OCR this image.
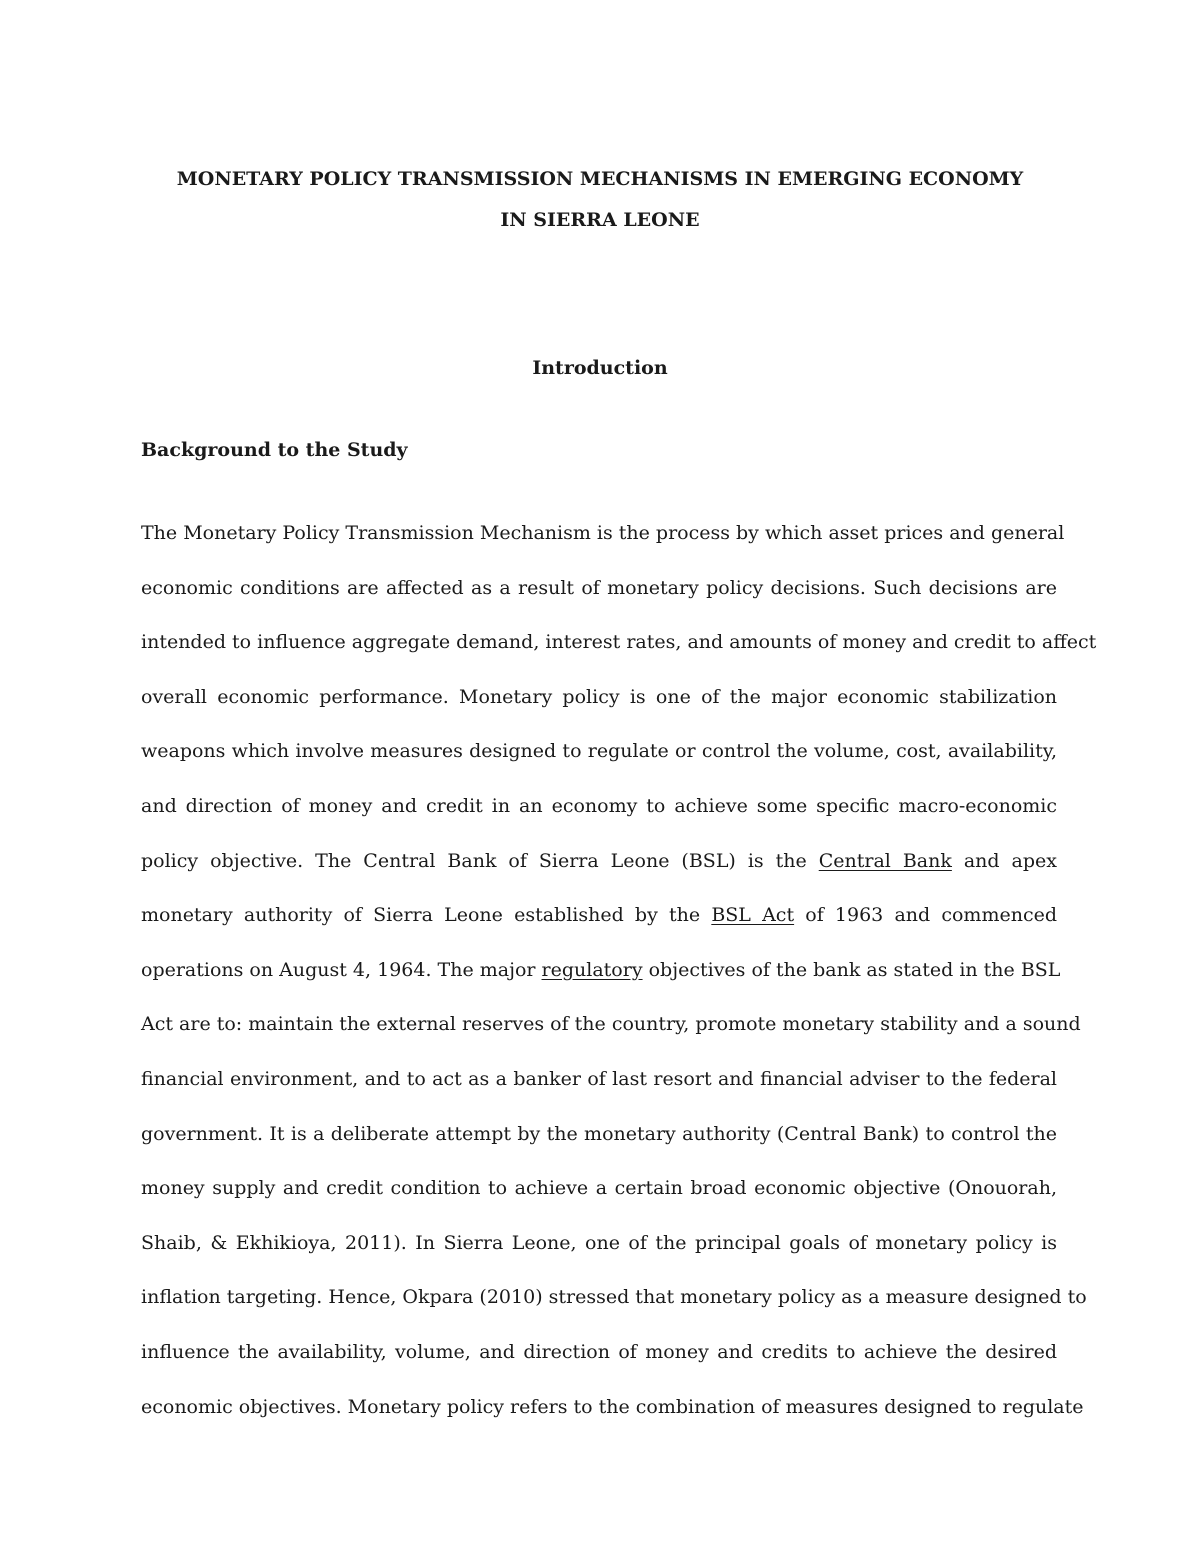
MONETARY POLICY TRANSMISSION MECHANISMS IN EMERGING ECONOMY

IN SIERRA LEONE

Introduction

Background to the Study

The Monetary Policy Transmission Mechanism is the process by which asset prices and general
economic conditions are affected as a result of monetary policy decisions. Such decisions are
intended to influence aggregate demand, interest rates, and amounts of money and credit to affect
overall economic performance. Monetary policy is one of the major economic stabilization
weapons which involve measures designed to regulate or control the volume, cost, availability,
and direction of money and credit in an economy to achieve some specific macro-economic
policy objective. The Central Bank of Sierra Leone (BSL) is the Central Bank and apex
monetary authority of Sierra Leone established by the BSL Act of 1963 and commenced
operations on August 4, 1964. The major regulatory objectives of the bank as stated in the BSL
Act are to: maintain the external reserves of the country, promote monetary stability and a sound
financial environment, and to act as a banker of last resort and financial adviser to the federal
government. It is a deliberate attempt by the monetary authority (Central Bank) to control the
money supply and credit condition to achieve a certain broad economic objective (Onouorah,
Shaib, & Ekhikioya, 2011). In Sierra Leone, one of the principal goals of monetary policy is
inflation targeting. Hence, Okpara (2010) stressed that monetary policy as a measure designed to
influence the availability, volume, and direction of money and credits to achieve the desired
economic objectives. Monetary policy refers to the combination of measures designed to regulate
